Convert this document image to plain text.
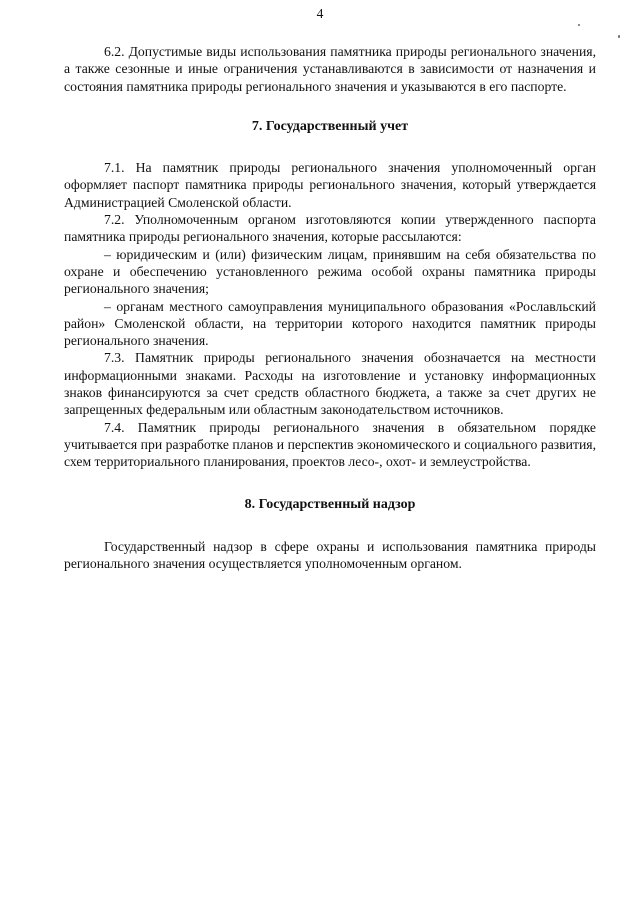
4

6.2. Допустимые виды использования памятника природы регионального значения, а также сезонные и иные ограничения устанавливаются в зависимости от назначения и состояния памятника природы регионального значения и указываются в его паспорте.

7. Государственный учет

7.1. На памятник природы регионального значения уполномоченный орган оформляет паспорт памятника природы регионального значения, который утверждается Администрацией Смоленской области.

7.2. Уполномоченным органом изготовляются копии утвержденного паспорта памятника природы регионального значения, которые рассылаются:

– юридическим и (или) физическим лицам, принявшим на себя обязательства по охране и обеспечению установленного режима особой охраны памятника природы регионального значения;

– органам местного самоуправления муниципального образования «Рославльский район» Смоленской области, на территории которого находится памятник природы регионального значения.

7.3. Памятник природы регионального значения обозначается на местности информационными знаками. Расходы на изготовление и установку информационных знаков финансируются за счет средств областного бюджета, а также за счет других не запрещенных федеральным или областным законодательством источников.

7.4. Памятник природы регионального значения в обязательном порядке учитывается при разработке планов и перспектив экономического и социального развития, схем территориального планирования, проектов лесо-, охот- и землеустройства.

8. Государственный надзор

Государственный надзор в сфере охраны и использования памятника природы регионального значения осуществляется уполномоченным органом.
